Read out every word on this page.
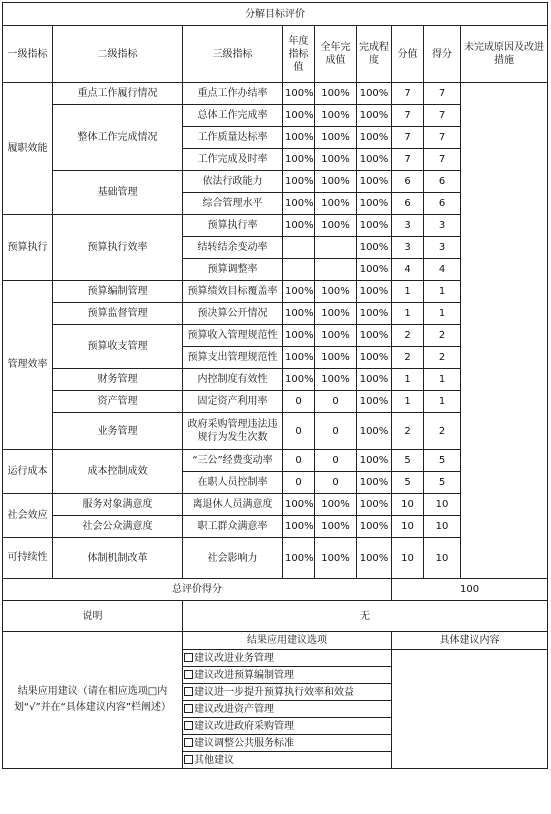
分解目标评价								
一级指标	二级指标	三级指标	年度指标值	全年完成值	完成程度	分值	得分	未完成原因及改进措施
履职效能	重点工作履行情况	重点工作办结率	100%	100%	100%	7	7	
	整体工作完成情况	总体工作完成率	100%	100%	100%	7	7	
		工作质量达标率	100%	100%	100%	7	7	
		工作完成及时率	100%	100%	100%	7	7	
	基础管理	依法行政能力	100%	100%	100%	6	6	
		综合管理水平	100%	100%	100%	6	6	
预算执行	预算执行效率	预算执行率	100%	100%	100%	3	3	
		结转结余变动率			100%	3	3	
		预算调整率			100%	4	4	
管理效率	预算编制管理	预算绩效目标覆盖率	100%	100%	100%	1	1	
	预算监督管理	预决算公开情况	100%	100%	100%	1	1	
	预算收支管理	预算收入管理规范性	100%	100%	100%	2	2	
		预算支出管理规范性	100%	100%	100%	2	2	
	财务管理	内控制度有效性	100%	100%	100%	1	1	
	资产管理	固定资产利用率	0	0	100%	1	1	
	业务管理	政府采购管理违法违规行为发生次数	0	0	100%	2	2	
运行成本	成本控制成效	“三公”经费变动率	0	0	100%	5	5	
		在职人员控制率	0	0	100%	5	5	
社会效应	服务对象满意度	离退休人员满意度	100%	100%	100%	10	10	
	社会公众满意度	职工群众满意率	100%	100%	100%	10	10	
可持续性	体制机制改革	社会影响力	100%	100%	100%	10	10	
总评价得分						100		
说明		无						
结果应用建议（请在相应选项□内划“√”并在“具体建议内容”栏阐述）		结果应用建议选项				具体建议内容		
		建议改进业务管理						
		建议改进预算编制管理						
		建议进一步提升预算执行效率和效益						
		建议改进资产管理						
		建议改进政府采购管理						
		建议调整公共服务标准						
		其他建议						
